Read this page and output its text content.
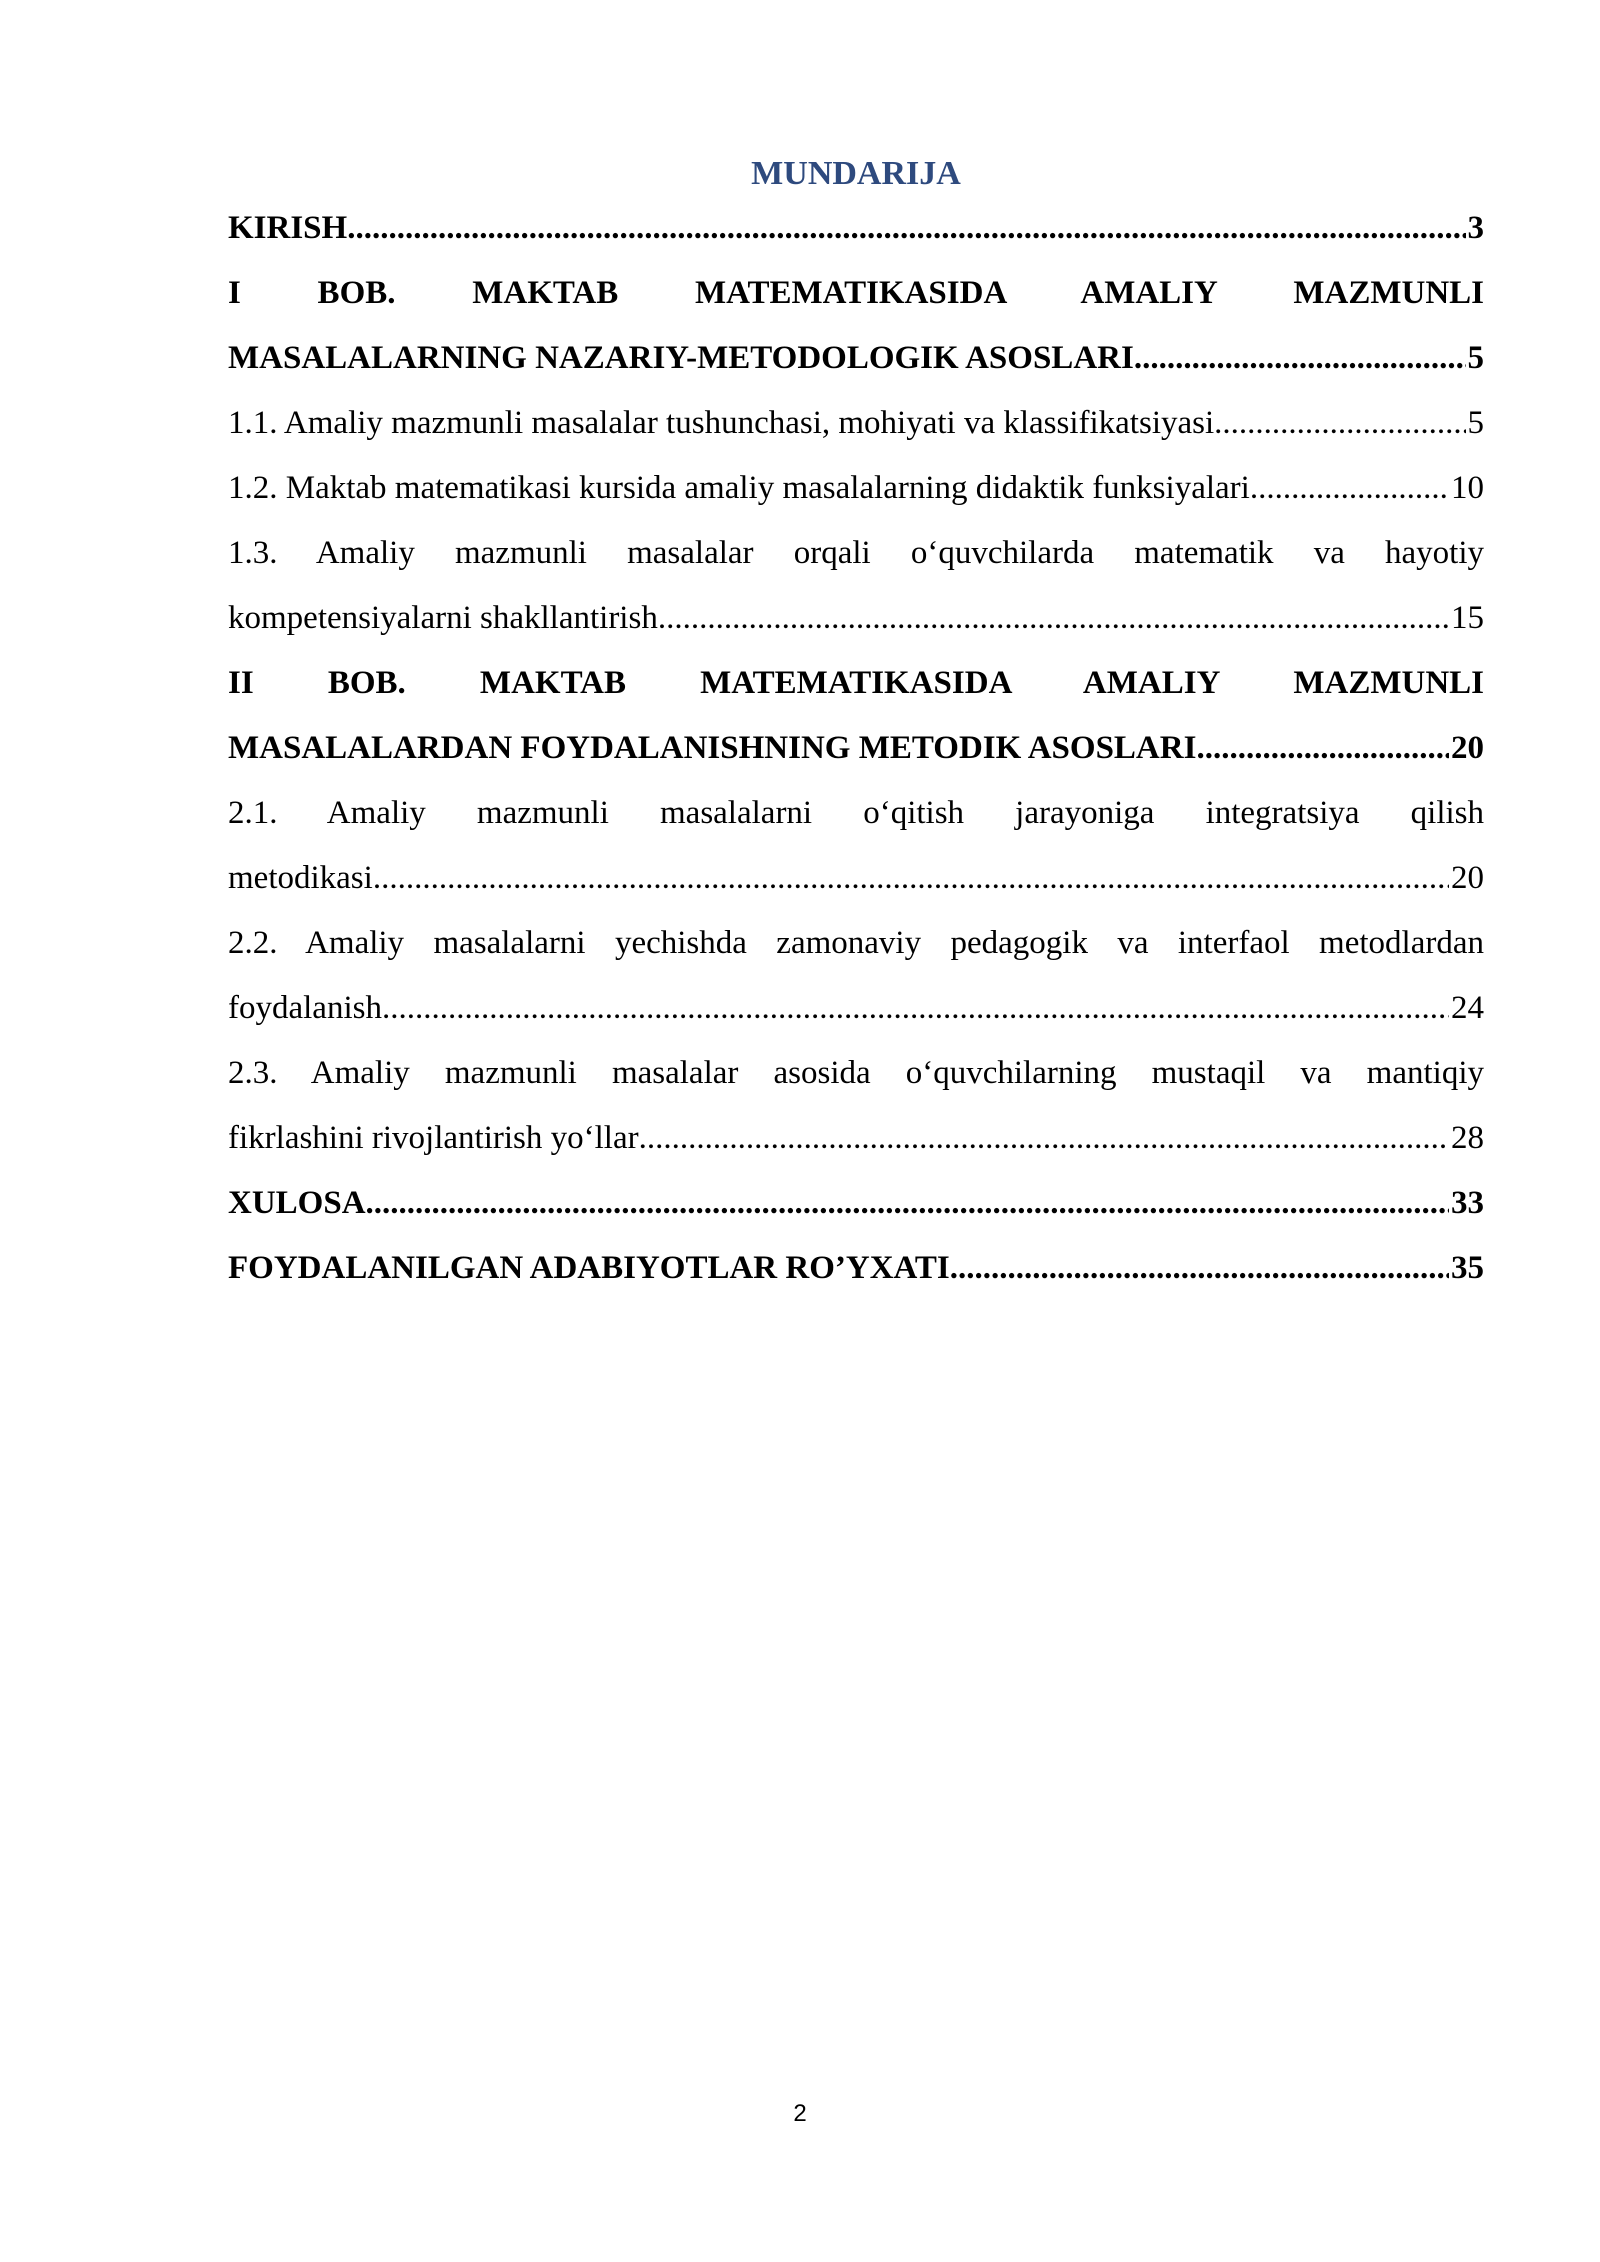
MUNDARIJA
KIRISH .....	3
I BOB. MAKTAB MATEMATIKASIDA AMALIY MAZMUNLI
MASALALARNING NAZARIY-METODOLOGIK ASOSLARI .....	5
1.1. Amaliy mazmunli masalalar tushunchasi, mohiyati va klassifikatsiyasi .....	5
1.2. Maktab matematikasi kursida amaliy masalalarning didaktik funksiyalari .....	10
1.3. Amaliy mazmunli masalalar orqali o‘quvchilarda matematik va hayotiy
kompetensiyalarni shakllantirish .....	15
II BOB. MAKTAB MATEMATIKASIDA AMALIY MAZMUNLI
MASALALARDAN FOYDALANISHNING METODIK ASOSLARI .....	20
2.1. Amaliy mazmunli masalalarni o‘qitish jarayoniga integratsiya qilish
metodikasi .....	20
2.2. Amaliy masalalarni yechishda zamonaviy pedagogik va interfaol metodlardan
foydalanish .....	24
2.3. Amaliy mazmunli masalalar asosida o‘quvchilarning mustaqil va mantiqiy
fikrlashini rivojlantirish yo‘llar .....	28
XULOSA .....	33
FOYDALANILGAN ADABIYOTLAR RO’YXATI .....	35
2
